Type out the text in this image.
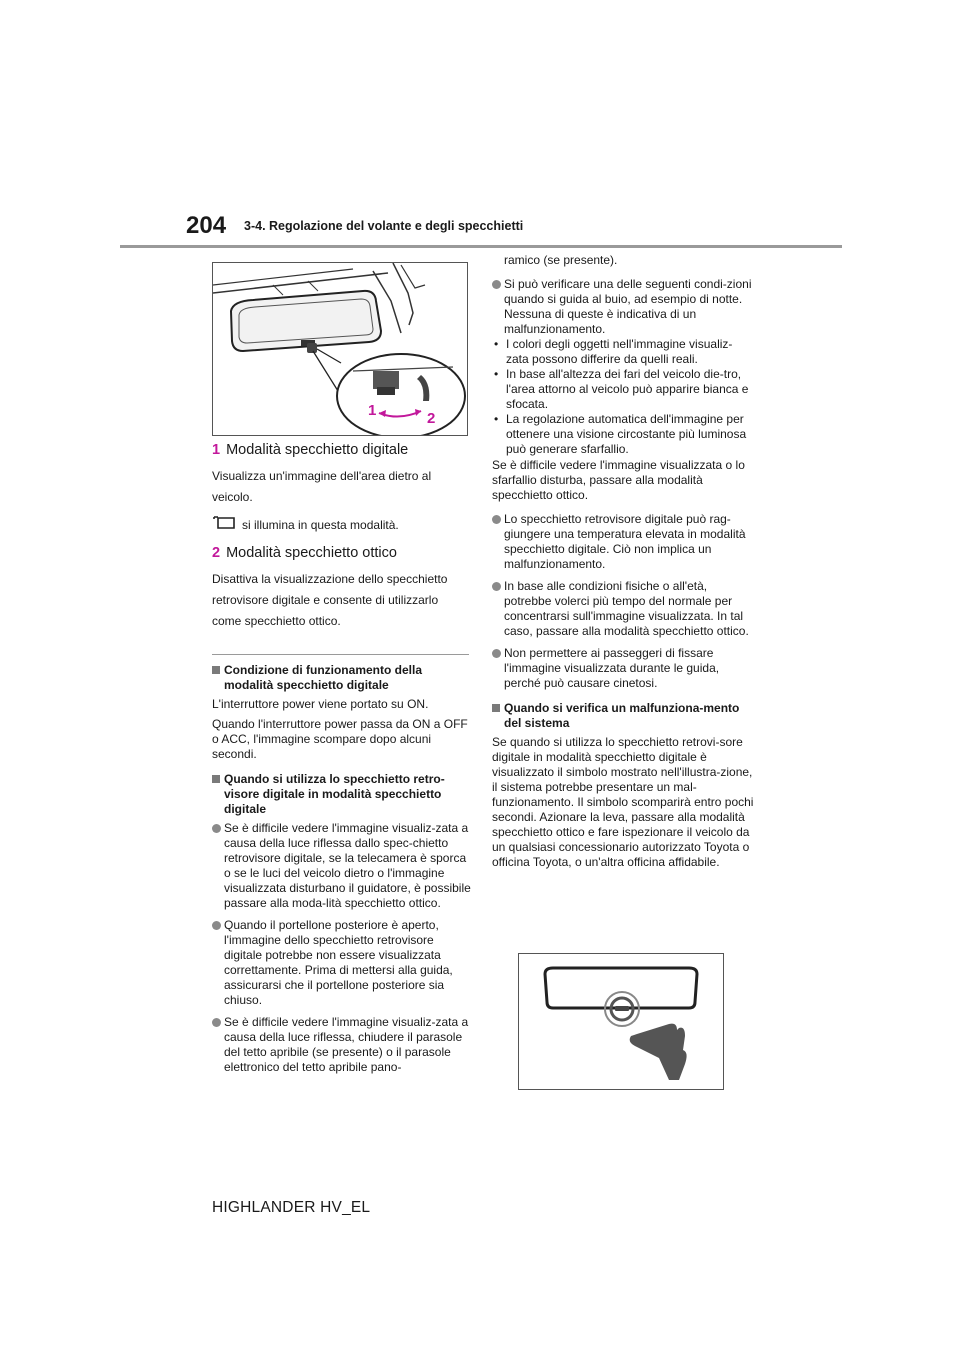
204 3-4. Regolazione del volante e degli specchietti
1	2
1 Modalità specchietto digitale
Visualizza un'immagine dell'area dietro al
veicolo.
si illumina in questa modalità.
2 Modalità specchietto ottico
Disattiva la visualizzazione dello specchietto
retrovisore digitale e consente di utilizzarlo
come specchietto ottico.
Condizione di funzionamento della modalità specchietto digitale
L'interruttore power viene portato su ON.
Quando l'interruttore power passa da ON a OFF o ACC, l'immagine scompare dopo alcuni secondi.
Quando si utilizza lo specchietto retro-visore digitale in modalità specchietto digitale
Se è difficile vedere l'immagine visualiz-zata a causa della luce riflessa dallo spec-chietto retrovisore digitale, se la telecamera è sporca o se le luci del veicolo dietro o l'immagine visualizzata disturbano il guidatore, è possibile passare alla moda-lità specchietto ottico.
Quando il portellone posteriore è aperto, l'immagine dello specchietto retrovisore digitale potrebbe non essere visualizzata correttamente. Prima di mettersi alla guida, assicurarsi che il portellone posteriore sia chiuso.
Se è difficile vedere l'immagine visualiz-zata a causa della luce riflessa, chiudere il parasole del tetto apribile (se presente) o il parasole elettronico del tetto apribile pano-
ramico (se presente).
Si può verificare una delle seguenti condi-zioni quando si guida al buio, ad esempio di notte. Nessuna di queste è indicativa di un malfunzionamento.
• I colori degli oggetti nell'immagine visualiz-zata possono differire da quelli reali.
• In base all'altezza dei fari del veicolo die-tro, l'area attorno al veicolo può apparire bianca e sfocata.
• La regolazione automatica dell'immagine per ottenere una visione circostante più luminosa può generare sfarfallio.
Se è difficile vedere l'immagine visualizzata o lo sfarfallio disturba, passare alla modalità specchietto ottico.
Lo specchietto retrovisore digitale può rag-giungere una temperatura elevata in modalità specchietto digitale. Ciò non implica un malfunzionamento.
In base alle condizioni fisiche o all'età, potrebbe volerci più tempo del normale per concentrarsi sull'immagine visualizzata. In tal caso, passare alla modalità specchietto ottico.
Non permettere ai passeggeri di fissare l'immagine visualizzata durante le guida, perché può causare cinetosi.
Quando si verifica un malfunziona-mento del sistema
Se quando si utilizza lo specchietto retrovi-sore digitale in modalità specchietto digitale è visualizzato il simbolo mostrato nell'illustra-zione, il sistema potrebbe presentare un mal-funzionamento. Il simbolo scomparirà entro pochi secondi. Azionare la leva, passare alla modalità specchietto ottico e fare ispezionare il veicolo da un qualsiasi concessionario autorizzato Toyota o officina Toyota, o un'altra officina affidabile.
HIGHLANDER HV_EL
